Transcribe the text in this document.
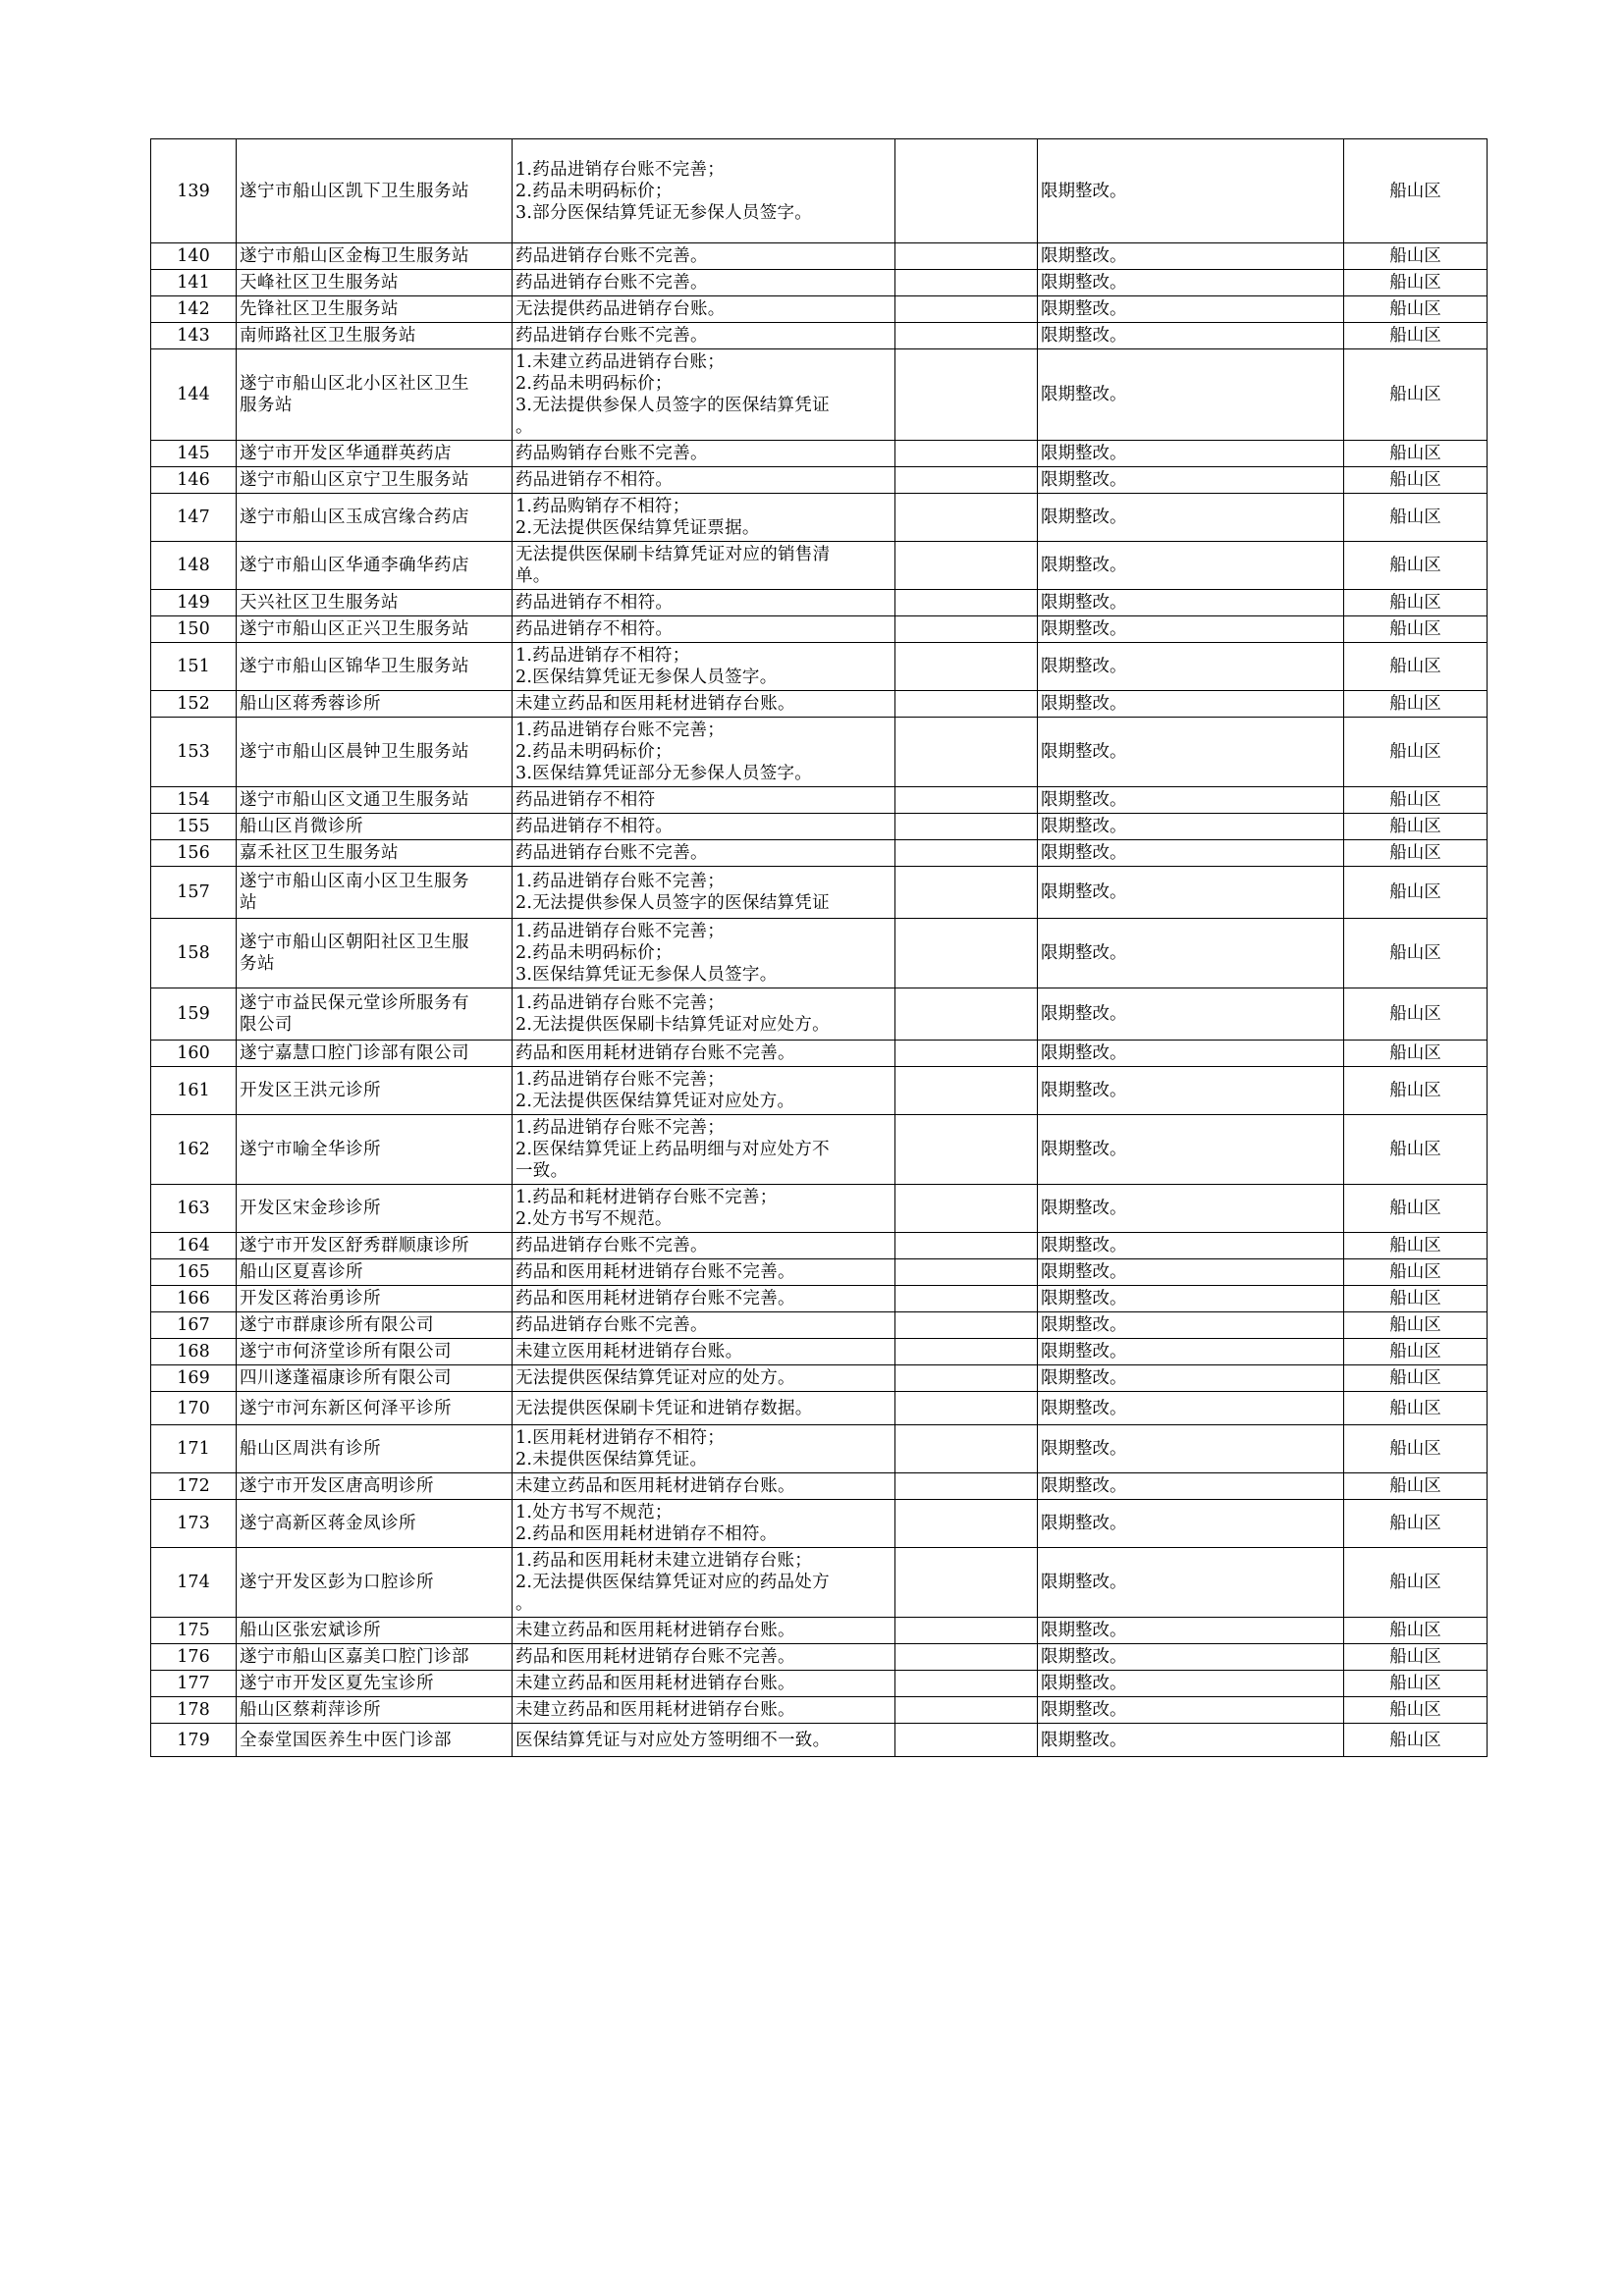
139	遂宁市船山区凯下卫生服务站	1.药品进销存台账不完善；
2.药品未明码标价；
3.部分医保结算凭证无参保人员签字。		限期整改。	船山区
140	遂宁市船山区金梅卫生服务站	药品进销存台账不完善。		限期整改。	船山区
141	天峰社区卫生服务站	药品进销存台账不完善。		限期整改。	船山区
142	先锋社区卫生服务站	无法提供药品进销存台账。		限期整改。	船山区
143	南师路社区卫生服务站	药品进销存台账不完善。		限期整改。	船山区
144	遂宁市船山区北小区社区卫生
服务站	1.未建立药品进销存台账；
2.药品未明码标价；
3.无法提供参保人员签字的医保结算凭证
。		限期整改。	船山区
145	遂宁市开发区华通群英药店	药品购销存台账不完善。		限期整改。	船山区
146	遂宁市船山区京宁卫生服务站	药品进销存不相符。		限期整改。	船山区
147	遂宁市船山区玉成宫缘合药店	1.药品购销存不相符；
2.无法提供医保结算凭证票据。		限期整改。	船山区
148	遂宁市船山区华通李确华药店	无法提供医保刷卡结算凭证对应的销售清
单。		限期整改。	船山区
149	天兴社区卫生服务站	药品进销存不相符。		限期整改。	船山区
150	遂宁市船山区正兴卫生服务站	药品进销存不相符。		限期整改。	船山区
151	遂宁市船山区锦华卫生服务站	1.药品进销存不相符；
2.医保结算凭证无参保人员签字。		限期整改。	船山区
152	船山区蒋秀蓉诊所	未建立药品和医用耗材进销存台账。		限期整改。	船山区
153	遂宁市船山区晨钟卫生服务站	1.药品进销存台账不完善；
2.药品未明码标价；
3.医保结算凭证部分无参保人员签字。		限期整改。	船山区
154	遂宁市船山区文通卫生服务站	药品进销存不相符		限期整改。	船山区
155	船山区肖微诊所	药品进销存不相符。		限期整改。	船山区
156	嘉禾社区卫生服务站	药品进销存台账不完善。		限期整改。	船山区
157	遂宁市船山区南小区卫生服务
站	1.药品进销存台账不完善；
2.无法提供参保人员签字的医保结算凭证		限期整改。	船山区
158	遂宁市船山区朝阳社区卫生服
务站	1.药品进销存台账不完善；
2.药品未明码标价；
3.医保结算凭证无参保人员签字。		限期整改。	船山区
159	遂宁市益民保元堂诊所服务有
限公司	1.药品进销存台账不完善；
2.无法提供医保刷卡结算凭证对应处方。		限期整改。	船山区
160	遂宁嘉慧口腔门诊部有限公司	药品和医用耗材进销存台账不完善。		限期整改。	船山区
161	开发区王洪元诊所	1.药品进销存台账不完善；
2.无法提供医保结算凭证对应处方。		限期整改。	船山区
162	遂宁市喻全华诊所	1.药品进销存台账不完善；
2.医保结算凭证上药品明细与对应处方不
一致。		限期整改。	船山区
163	开发区宋金珍诊所	1.药品和耗材进销存台账不完善；
2.处方书写不规范。		限期整改。	船山区
164	遂宁市开发区舒秀群顺康诊所	药品进销存台账不完善。		限期整改。	船山区
165	船山区夏喜诊所	药品和医用耗材进销存台账不完善。		限期整改。	船山区
166	开发区蒋治勇诊所	药品和医用耗材进销存台账不完善。		限期整改。	船山区
167	遂宁市群康诊所有限公司	药品进销存台账不完善。		限期整改。	船山区
168	遂宁市何济堂诊所有限公司	未建立医用耗材进销存台账。		限期整改。	船山区
169	四川遂蓬福康诊所有限公司	无法提供医保结算凭证对应的处方。		限期整改。	船山区
170	遂宁市河东新区何泽平诊所	无法提供医保刷卡凭证和进销存数据。		限期整改。	船山区
171	船山区周洪有诊所	1.医用耗材进销存不相符；
2.未提供医保结算凭证。		限期整改。	船山区
172	遂宁市开发区唐高明诊所	未建立药品和医用耗材进销存台账。		限期整改。	船山区
173	遂宁高新区蒋金凤诊所	1.处方书写不规范；
2.药品和医用耗材进销存不相符。		限期整改。	船山区
174	遂宁开发区彭为口腔诊所	1.药品和医用耗材未建立进销存台账；
2.无法提供医保结算凭证对应的药品处方
。		限期整改。	船山区
175	船山区张宏斌诊所	未建立药品和医用耗材进销存台账。		限期整改。	船山区
176	遂宁市船山区嘉美口腔门诊部	药品和医用耗材进销存台账不完善。		限期整改。	船山区
177	遂宁市开发区夏先宝诊所	未建立药品和医用耗材进销存台账。		限期整改。	船山区
178	船山区蔡莉萍诊所	未建立药品和医用耗材进销存台账。		限期整改。	船山区
179	全泰堂国医养生中医门诊部	医保结算凭证与对应处方签明细不一致。		限期整改。	船山区
